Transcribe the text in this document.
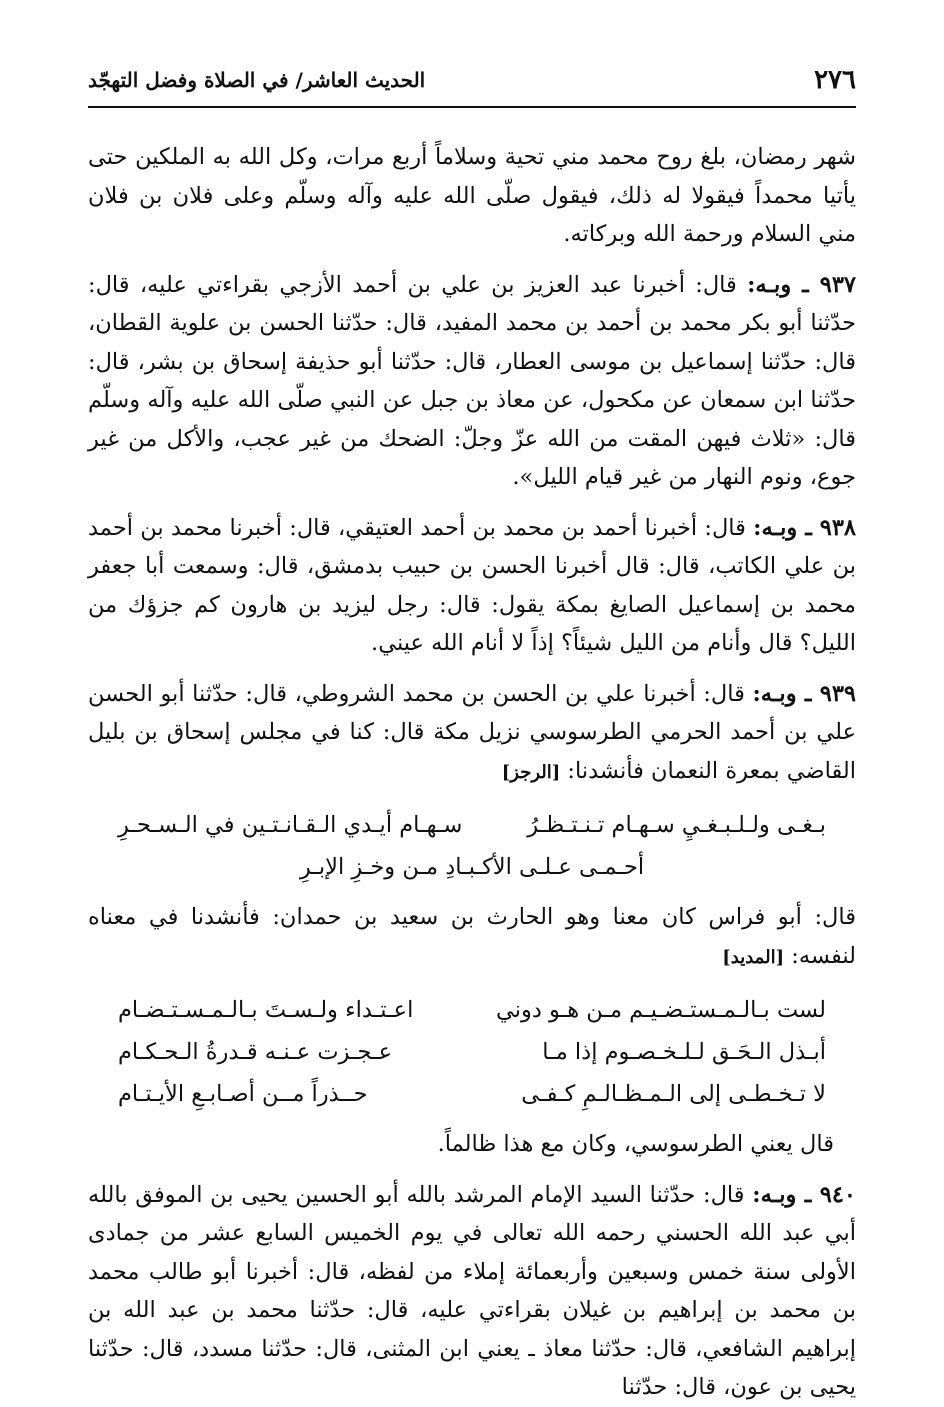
٢٧٦
الحديث العاشر/ في الصلاة وفضل التهجّد

شهر رمضان، بلغ روح محمد مني تحية وسلاماً أربع مرات، وكل الله به الملكين حتى يأتيا محمداً فيقولا له ذلك، فيقول صلّى الله عليه وآله وسلّم وعلى فلان بن فلان مني السلام ورحمة الله وبركاته.

٩٣٧ ـ وبـه: قال: أخبرنا عبد العزيز بن علي بن أحمد الأزجي بقراءتي عليه، قال: حدّثنا أبو بكر محمد بن أحمد بن محمد المفيد، قال: حدّثنا الحسن بن علوية القطان، قال: حدّثنا إسماعيل بن موسى العطار، قال: حدّثنا أبو حذيفة إسحاق بن بشر، قال: حدّثنا ابن سمعان عن مكحول، عن معاذ بن جبل عن النبي صلّى الله عليه وآله وسلّم قال: «ثلاث فيهن المقت من الله عزّ وجلّ: الضحك من غير عجب، والأكل من غير جوع، ونوم النهار من غير قيام الليل».

٩٣٨ ـ وبـه: قال: أخبرنا أحمد بن محمد بن أحمد العتيقي، قال: أخبرنا محمد بن أحمد بن علي الكاتب، قال: قال أخبرنا الحسن بن حبيب بدمشق، قال: وسمعت أبا جعفر محمد بن إسماعيل الصايغ بمكة يقول: قال: رجل ليزيد بن هارون كم جزؤك من الليل؟ قال وأنام من الليل شيئاً؟ إذاً لا أنام الله عيني.

٩٣٩ ـ وبـه: قال: أخبرنا علي بن الحسن بن محمد الشروطي، قال: حدّثنا أبو الحسن علي بن أحمد الحرمي الطرسوسي نزيل مكة قال: كنا في مجلس إسحاق بن بليل القاضي بمعرة النعمان فأنشدنا: [الرجز]

بـغـى ولـلـبـغـيِ سـهـام تـنـتـظـرُ
سـهـام أيـدي الـقـانـتـين في الـسـحـرِ
أحـمـى عـلـى الأكـبـادِ مـن وخـزِ الإبـرِ

قال: أبو فراس كان معنا وهو الحارث بن سعيد بن حمدان: فأنشدنا في معناه لنفسه: [المديد]

لست بـالـمـستـضـيـم مـن هـو دوني
اعـتـداء ولـسـتَ بـالـمـسـتـضـام
أبـذل الـحَـق لـلـخـصـوم إذا مـا
عـجـزت عـنـه قـدرةُ الـحـكـام
لا تـخـطـى إلى الـمـظـالـمِ كـفـى
حــذراً مــن أصـابـعِ الأيـتـام

قال يعني الطرسوسي، وكان مع هذا ظالماً.

٩٤٠ ـ وبـه: قال: حدّثنا السيد الإمام المرشد بالله أبو الحسين يحيى بن الموفق بالله أبي عبد الله الحسني رحمه الله تعالى في يوم الخميس السابع عشر من جمادى الأولى سنة خمس وسبعين وأربعمائة إملاء من لفظه، قال: أخبرنا أبو طالب محمد بن محمد بن إبراهيم بن غيلان بقراءتي عليه، قال: حدّثنا محمد بن عبد الله بن إبراهيم الشافعي، قال: حدّثنا معاذ ـ يعني ابن المثنى، قال: حدّثنا مسدد، قال: حدّثنا يحيى بن عون، قال: حدّثنا
